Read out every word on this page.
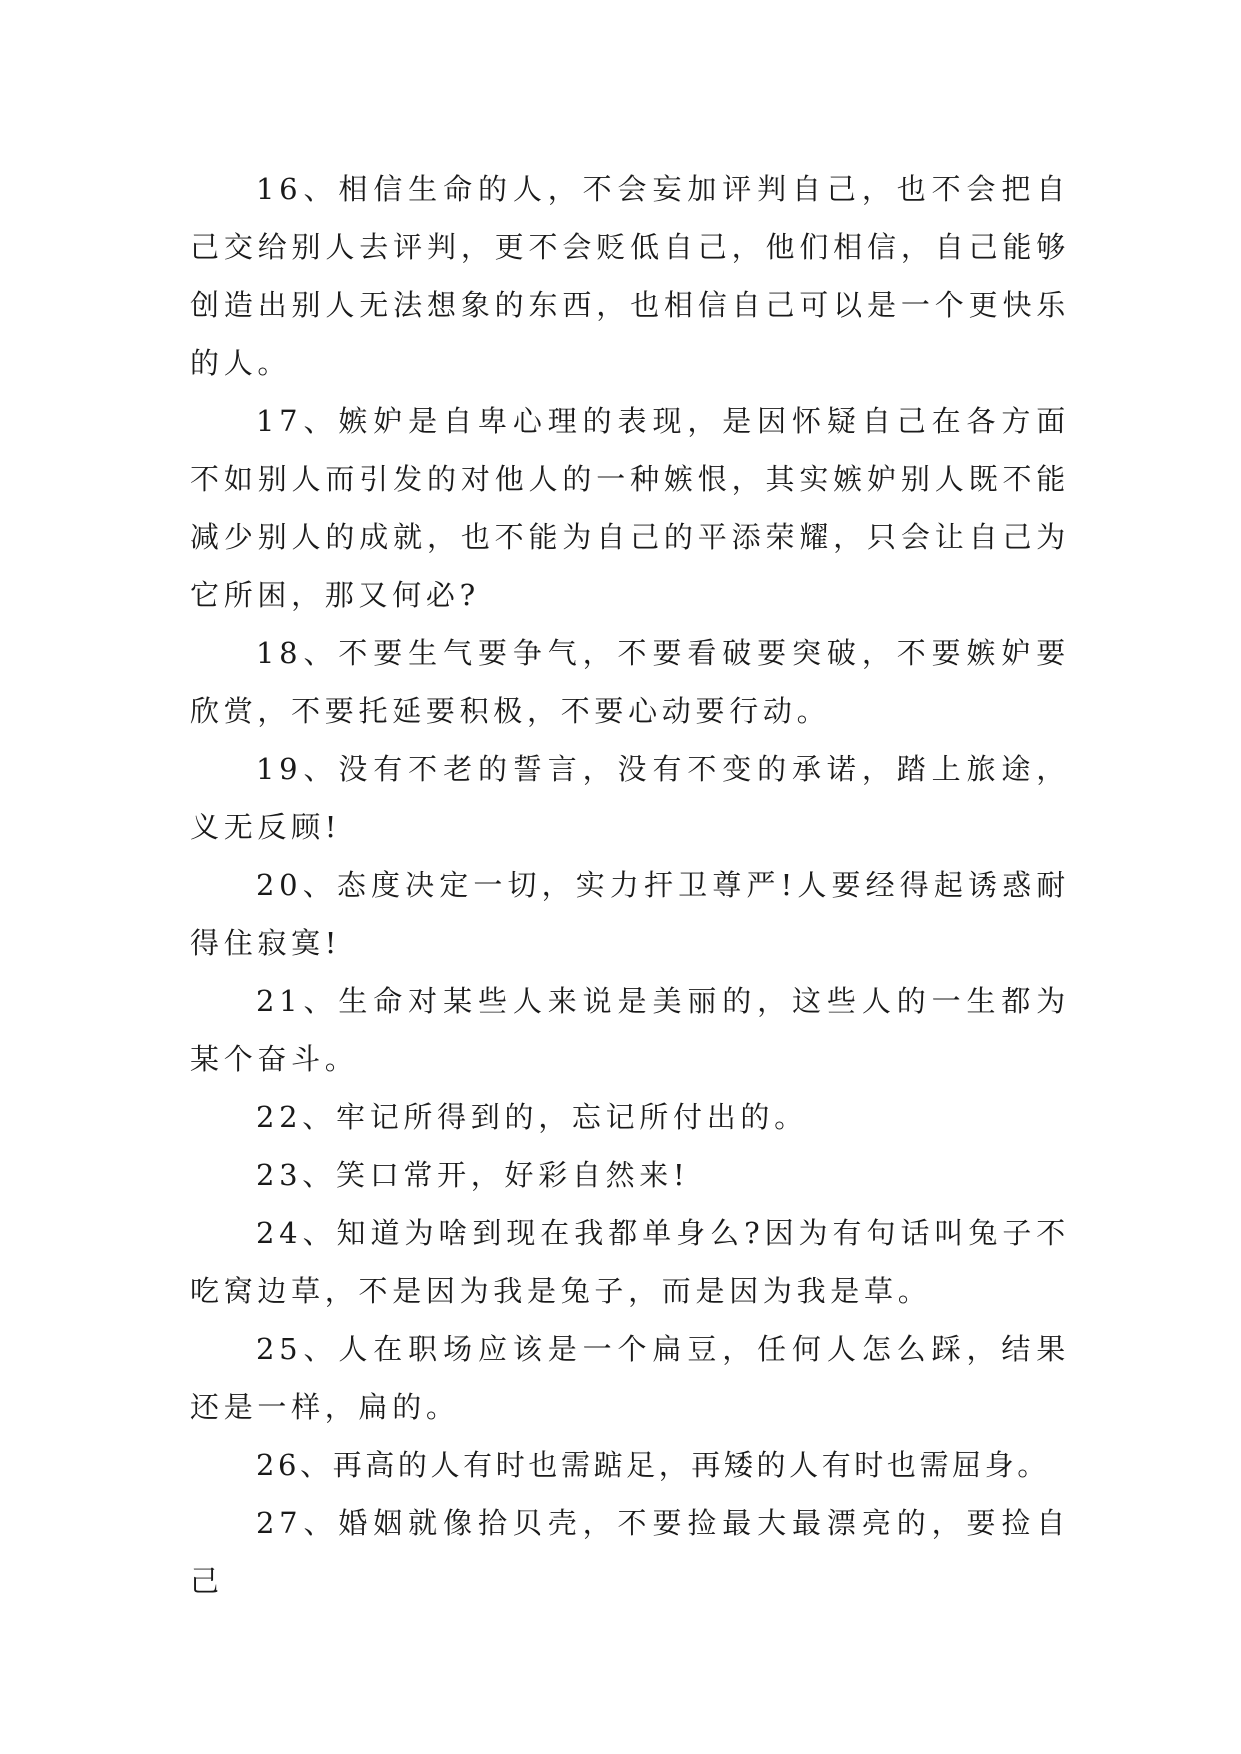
16、相信生命的人，不会妄加评判自己，也不会把自己交给别人去评判，更不会贬低自己，他们相信，自己能够创造出别人无法想象的东西，也相信自己可以是一个更快乐的人。

17、嫉妒是自卑心理的表现，是因怀疑自己在各方面不如别人而引发的对他人的一种嫉恨，其实嫉妒别人既不能减少别人的成就，也不能为自己的平添荣耀，只会让自己为它所困，那又何必?

18、不要生气要争气，不要看破要突破，不要嫉妒要欣赏，不要托延要积极，不要心动要行动。

19、没有不老的誓言，没有不变的承诺，踏上旅途，义无反顾!

20、态度决定一切，实力扞卫尊严!人要经得起诱惑耐得住寂寞!

21、生命对某些人来说是美丽的，这些人的一生都为某个奋斗。

22、牢记所得到的，忘记所付出的。

23、笑口常开，好彩自然来!

24、知道为啥到现在我都单身么?因为有句话叫兔子不吃窝边草，不是因为我是兔子，而是因为我是草。

25、人在职场应该是一个扁豆，任何人怎么踩，结果还是一样，扁的。

26、再高的人有时也需踮足，再矮的人有时也需屈身。

27、婚姻就像拾贝壳，不要捡最大最漂亮的，要捡自己
